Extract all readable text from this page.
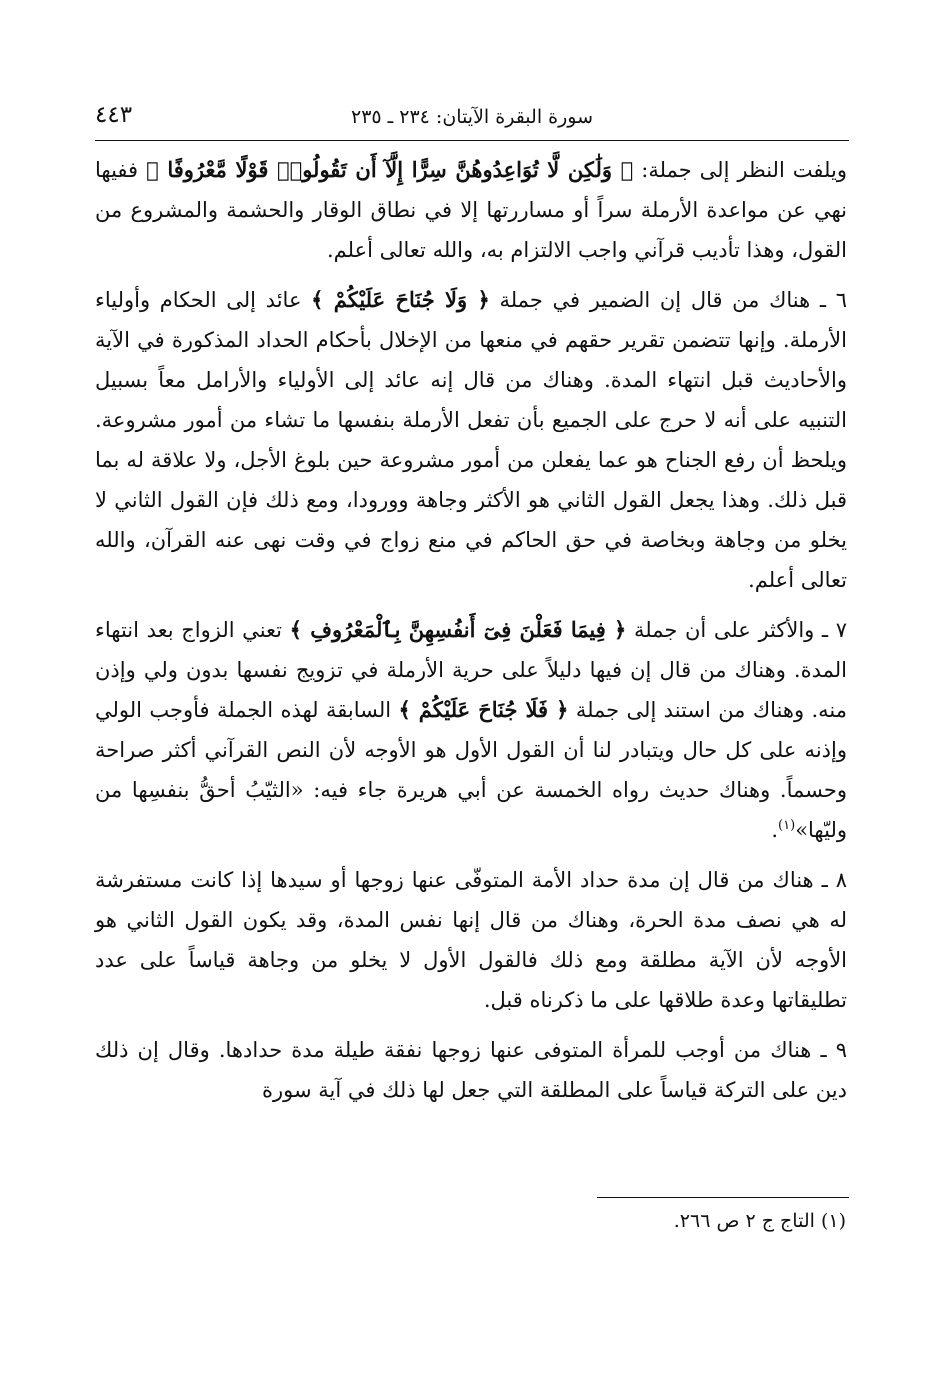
سورة البقرة الآيتان: ٢٣٤ ـ ٢٣٥
٤٤٣

ويلفت النظر إلى جملة: ﴿ وَلَٰكِن لَّا تُوَاعِدُوهُنَّ سِرًّا إِلَّآ أَن تَقُولُوا۟ قَوْلًا مَّعْرُوفًا ﴾ ففيها نهي عن مواعدة الأرملة سراً أو مساررتها إلا في نطاق الوقار والحشمة والمشروع من القول، وهذا تأديب قرآني واجب الالتزام به، والله تعالى أعلم.

٦ ـ هناك من قال إن الضمير في جملة ﴿ وَلَا جُنَاحَ عَلَيْكُمْ ﴾ عائد إلى الحكام وأولياء الأرملة. وإنها تتضمن تقرير حقهم في منعها من الإخلال بأحكام الحداد المذكورة في الآية والأحاديث قبل انتهاء المدة. وهناك من قال إنه عائد إلى الأولياء والأرامل معاً بسبيل التنبيه على أنه لا حرج على الجميع بأن تفعل الأرملة بنفسها ما تشاء من أمور مشروعة. ويلحظ أن رفع الجناح هو عما يفعلن من أمور مشروعة حين بلوغ الأجل، ولا علاقة له بما قبل ذلك. وهذا يجعل القول الثاني هو الأكثر وجاهة وورودا، ومع ذلك فإن القول الثاني لا يخلو من وجاهة وبخاصة في حق الحاكم في منع زواج في وقت نهى عنه القرآن، والله تعالى أعلم.

٧ ـ والأكثر على أن جملة ﴿ فِيمَا فَعَلْنَ فِىٓ أَنفُسِهِنَّ بِٱلْمَعْرُوفِ ﴾ تعني الزواج بعد انتهاء المدة. وهناك من قال إن فيها دليلاً على حرية الأرملة في تزويج نفسها بدون ولي وإذن منه. وهناك من استند إلى جملة ﴿ فَلَا جُنَاحَ عَلَيْكُمْ ﴾ السابقة لهذه الجملة فأوجب الولي وإذنه على كل حال ويتبادر لنا أن القول الأول هو الأوجه لأن النص القرآني أكثر صراحة وحسماً. وهناك حديث رواه الخمسة عن أبي هريرة جاء فيه: «الثيّبُ أحقُّ بنفسِها من وليّها»$^{(١)}$.

٨ ـ هناك من قال إن مدة حداد الأمة المتوفّى عنها زوجها أو سيدها إذا كانت مستفرشة له هي نصف مدة الحرة، وهناك من قال إنها نفس المدة، وقد يكون القول الثاني هو الأوجه لأن الآية مطلقة ومع ذلك فالقول الأول لا يخلو من وجاهة قياساً على عدد تطليقاتها وعدة طلاقها على ما ذكرناه قبل.

٩ ـ هناك من أوجب للمرأة المتوفى عنها زوجها نفقة طيلة مدة حدادها. وقال إن ذلك دين على التركة قياساً على المطلقة التي جعل لها ذلك في آية سورة

(١) التاج ج ٢ ص ٢٦٦.
